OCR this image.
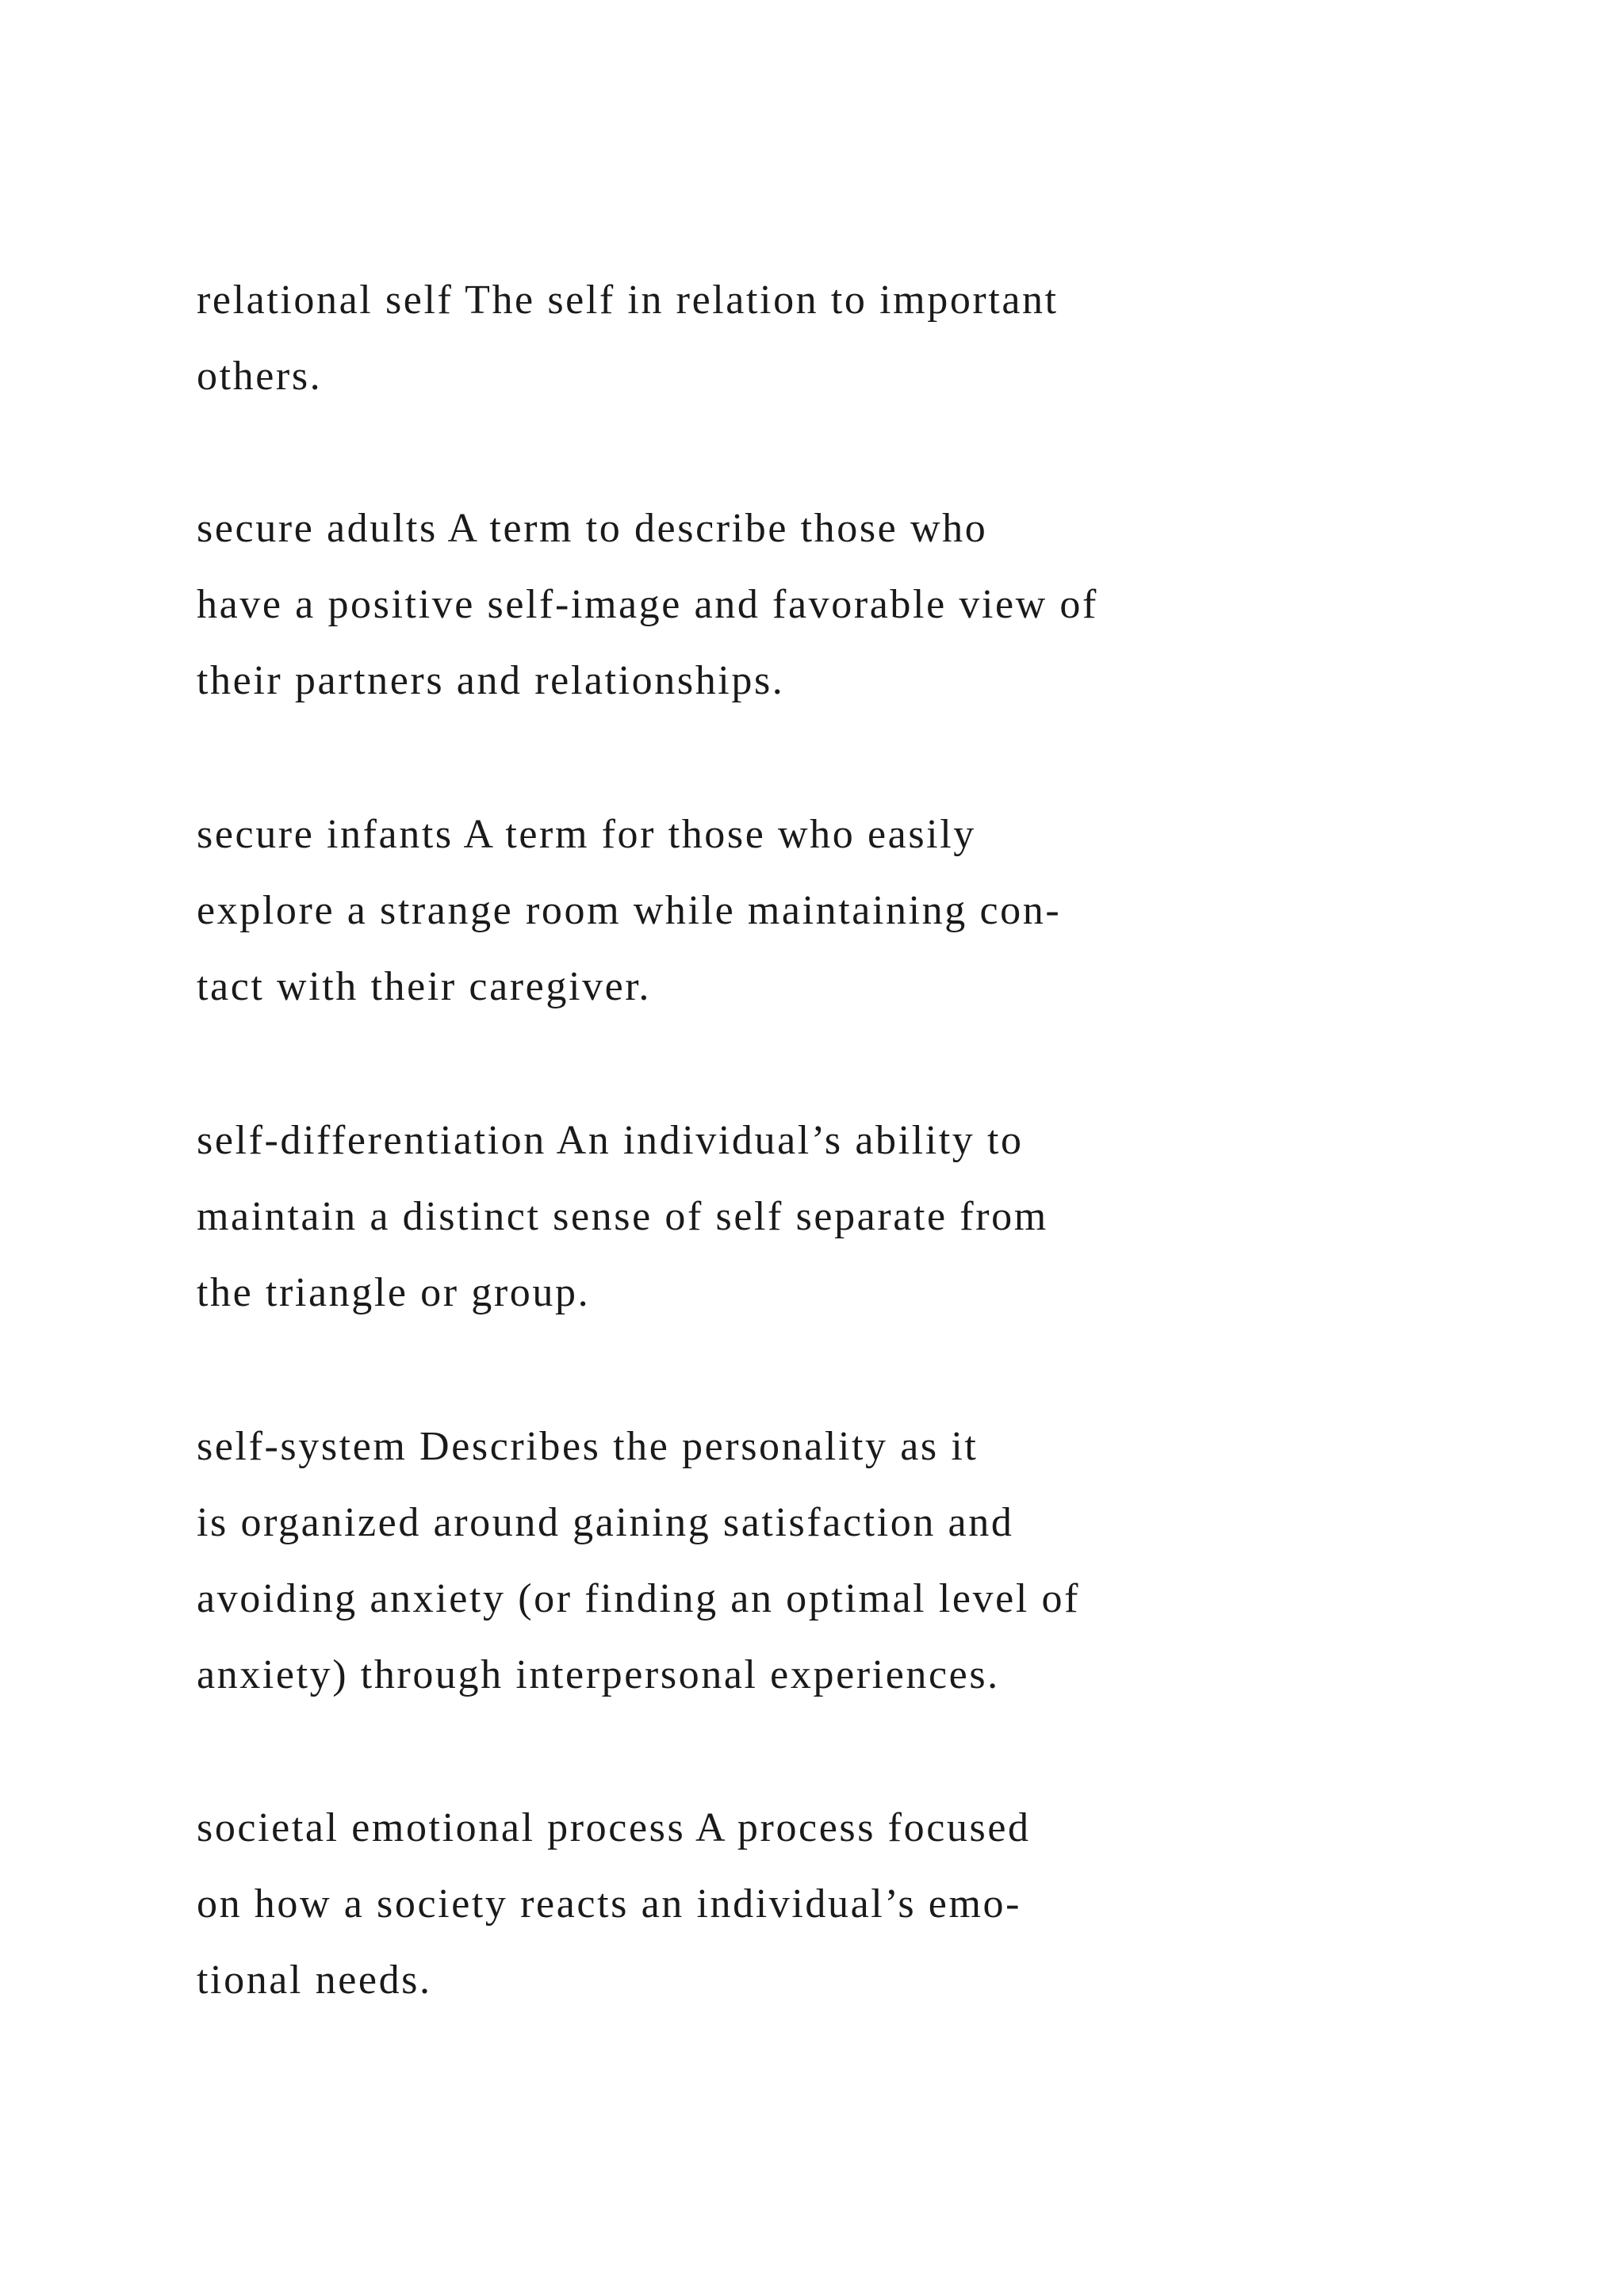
relational self The self in relation to important
others.
secure adults A term to describe those who
have a positive self-image and favorable view of
their partners and relationships.
secure infants A term for those who easily
explore a strange room while maintaining con-
tact with their caregiver.
self-differentiation An individual’s ability to
maintain a distinct sense of self separate from
the triangle or group.
self-system Describes the personality as it
is organized around gaining satisfaction and
avoiding anxiety (or finding an optimal level of
anxiety) through interpersonal experiences.
societal emotional process A process focused
on how a society reacts an individual’s emo-
tional needs.
